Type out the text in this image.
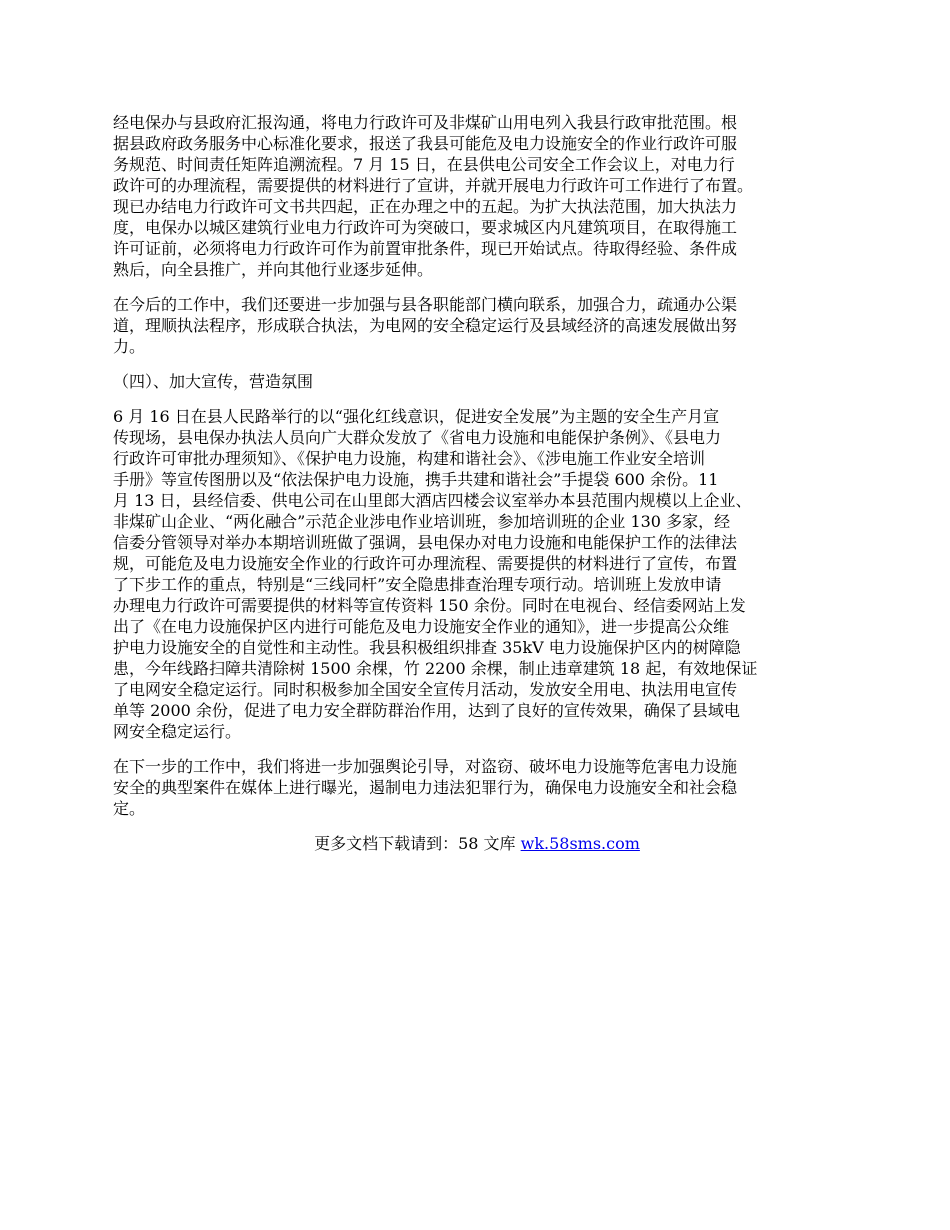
经电保办与县政府汇报沟通，将电力行政许可及非煤矿山用电列入我县行政审批范围。根
据县政府政务服务中心标准化要求，报送了我县可能危及电力设施安全的作业行政许可服
务规范、时间责任矩阵追溯流程。7 月 15 日，在县供电公司安全工作会议上，对电力行
政许可的办理流程，需要提供的材料进行了宣讲，并就开展电力行政许可工作进行了布置。
现已办结电力行政许可文书共四起，正在办理之中的五起。为扩大执法范围，加大执法力
度，电保办以城区建筑行业电力行政许可为突破口，要求城区内凡建筑项目，在取得施工
许可证前，必须将电力行政许可作为前置审批条件，现已开始试点。待取得经验、条件成
熟后，向全县推广，并向其他行业逐步延伸。
在今后的工作中，我们还要进一步加强与县各职能部门横向联系，加强合力，疏通办公渠
道，理顺执法程序，形成联合执法，为电网的安全稳定运行及县域经济的高速发展做出努
力。
（四）、加大宣传，营造氛围
6 月 16 日在县人民路举行的以“强化红线意识，促进安全发展”为主题的安全生产月宣
传现场，县电保办执法人员向广大群众发放了《省电力设施和电能保护条例》、《县电力
行政许可审批办理须知》、《保护电力设施，构建和谐社会》、《涉电施工作业安全培训
手册》等宣传图册以及“依法保护电力设施，携手共建和谐社会”手提袋 600 余份。11
月 13 日，县经信委、供电公司在山里郎大酒店四楼会议室举办本县范围内规模以上企业、
非煤矿山企业、“两化融合”示范企业涉电作业培训班，参加培训班的企业 130 多家，经
信委分管领导对举办本期培训班做了强调，县电保办对电力设施和电能保护工作的法律法
规，可能危及电力设施安全作业的行政许可办理流程、需要提供的材料进行了宣传，布置
了下步工作的重点，特别是“三线同杆”安全隐患排查治理专项行动。培训班上发放申请
办理电力行政许可需要提供的材料等宣传资料 150 余份。同时在电视台、经信委网站上发
出了《在电力设施保护区内进行可能危及电力设施安全作业的通知》，进一步提高公众维
护电力设施安全的自觉性和主动性。我县积极组织排查 35kV 电力设施保护区内的树障隐
患，今年线路扫障共清除树 1500 余棵，竹 2200 余棵，制止违章建筑 18 起，有效地保证
了电网安全稳定运行。同时积极参加全国安全宣传月活动，发放安全用电、执法用电宣传
单等 2000 余份，促进了电力安全群防群治作用，达到了良好的宣传效果，确保了县域电
网安全稳定运行。
在下一步的工作中，我们将进一步加强舆论引导，对盗窃、破坏电力设施等危害电力设施
安全的典型案件在媒体上进行曝光，遏制电力违法犯罪行为，确保电力设施安全和社会稳
定。
更多文档下载请到：58 文库 wk.58sms.com
